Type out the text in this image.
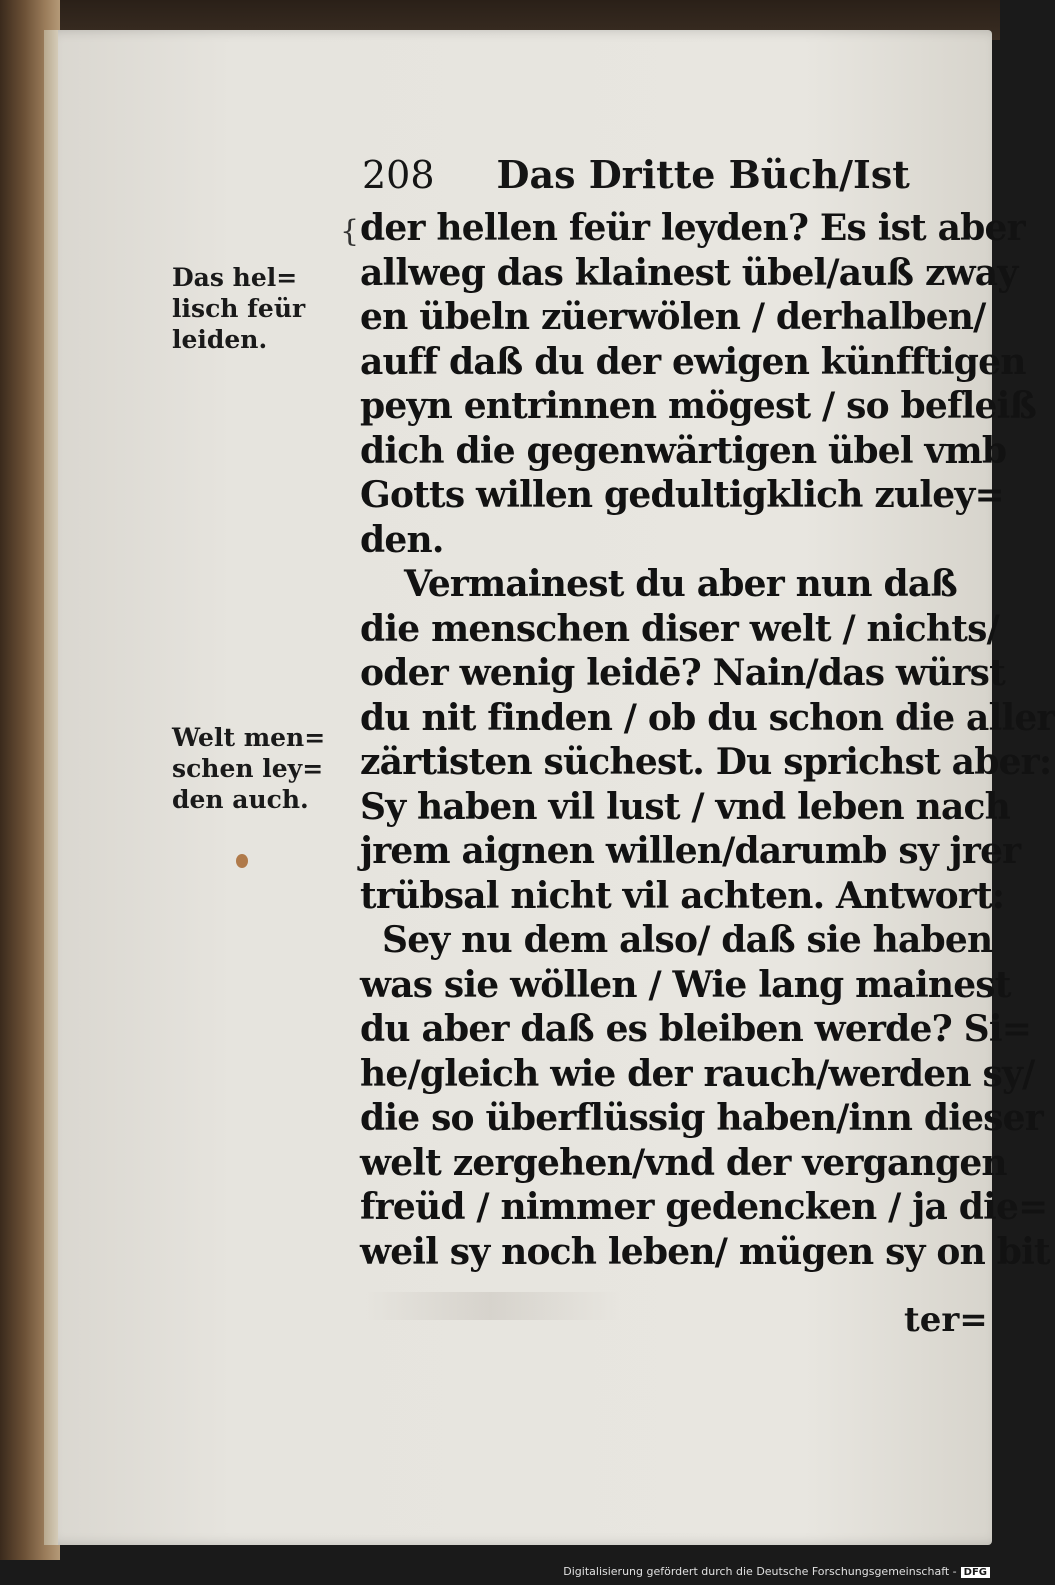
208 Das Dritte Büch/Ist
{ der hellen feür leyden? Es ist aber
allweg das klainest übel/auß zway
en übeln züerwölen / derhalben/
auff daß du der ewigen künfftigen
peyn entrinnen mögest / so befleiß
dich die gegenwärtigen übel vmb
Gotts willen gedultigklich zuley=
den.
Vermainest du aber nun daß
die menschen diser welt / nichts/
oder wenig leidē? Nain/das würst
du nit finden / ob du schon die aller
zärtisten süchest. Du sprichst aber:
Sy haben vil lust / vnd leben nach
jrem aignen willen/darumb sy jrer
trübsal nicht vil achten. Antwort:
Sey nu dem also/ daß sie haben
was sie wöllen / Wie lang mainest
du aber daß es bleiben werde? Si=
he/gleich wie der rauch/werden sy/
die so überflüssig haben/inn dieser
welt zergehen/vnd der vergangen
freüd / nimmer gedencken / ja die=
weil sy noch leben/ mügen sy on bit
Das hel=
lisch feür
leiden.
Welt men=
schen ley=
den auch.
ter=
Digitalisierung gefördert durch die Deutsche Forschungsgemeinschaft - DFG
